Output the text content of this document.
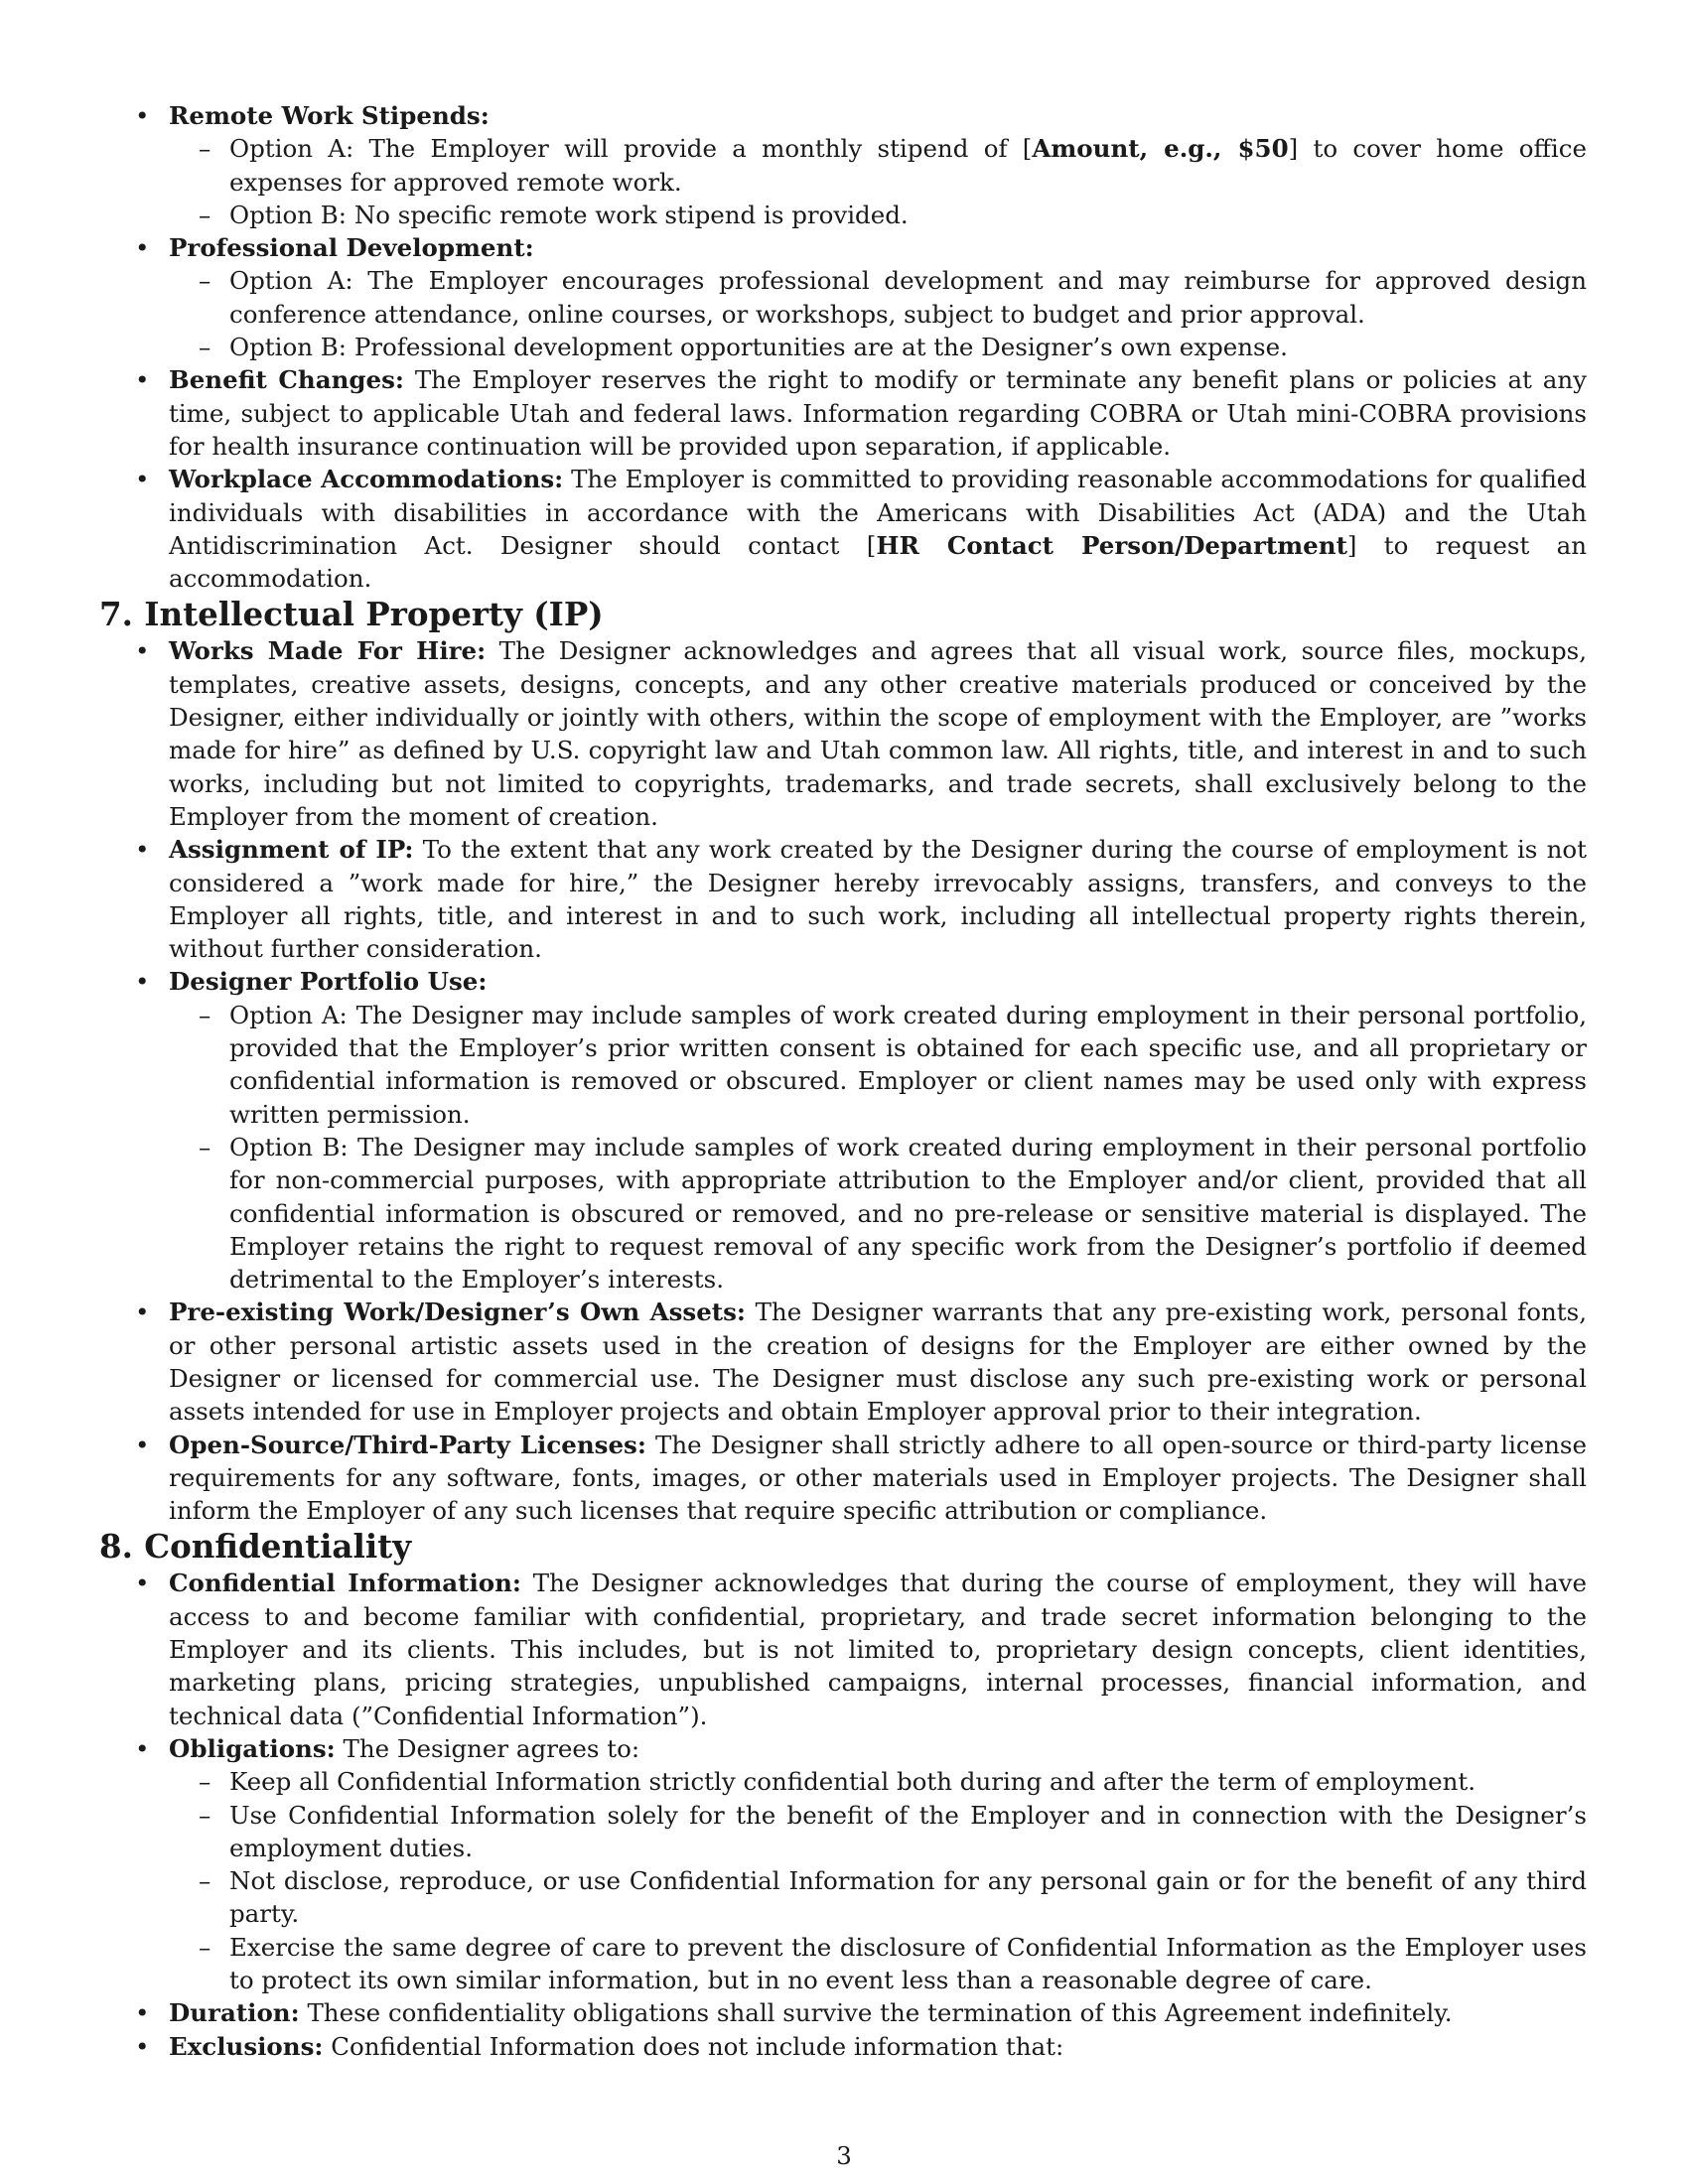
• Remote Work Stipends:
– Option A: The Employer will provide a monthly stipend of [Amount, e.g., $50] to cover home office expenses for approved remote work.
– Option B: No specific remote work stipend is provided.
• Professional Development:
– Option A: The Employer encourages professional development and may reimburse for approved design conference attendance, online courses, or workshops, subject to budget and prior approval.
– Option B: Professional development opportunities are at the Designer’s own expense.
• Benefit Changes: The Employer reserves the right to modify or terminate any benefit plans or policies at any time, subject to applicable Utah and federal laws. Information regarding COBRA or Utah mini-COBRA provisions for health insurance continuation will be provided upon separation, if applicable.
• Workplace Accommodations: The Employer is committed to providing reasonable accommodations for qualified individuals with disabilities in accordance with the Americans with Disabilities Act (ADA) and the Utah Antidiscrimination Act. Designer should contact [HR Contact Person/Department] to request an accommodation.
7. Intellectual Property (IP)
• Works Made For Hire: The Designer acknowledges and agrees that all visual work, source files, mockups, templates, creative assets, designs, concepts, and any other creative materials produced or conceived by the Designer, either individually or jointly with others, within the scope of employment with the Employer, are ”works made for hire” as defined by U.S. copyright law and Utah common law. All rights, title, and interest in and to such works, including but not limited to copyrights, trademarks, and trade secrets, shall exclusively belong to the Employer from the moment of creation.
• Assignment of IP: To the extent that any work created by the Designer during the course of employment is not considered a ”work made for hire,” the Designer hereby irrevocably assigns, transfers, and conveys to the Employer all rights, title, and interest in and to such work, including all intellectual property rights therein, without further consideration.
• Designer Portfolio Use:
– Option A: The Designer may include samples of work created during employment in their personal portfolio, provided that the Employer’s prior written consent is obtained for each specific use, and all proprietary or confidential information is removed or obscured. Employer or client names may be used only with express written permission.
– Option B: The Designer may include samples of work created during employment in their personal portfolio for non-commercial purposes, with appropriate attribution to the Employer and/or client, provided that all confidential information is obscured or removed, and no pre-release or sensitive material is displayed. The Employer retains the right to request removal of any specific work from the Designer’s portfolio if deemed detrimental to the Employer’s interests.
• Pre-existing Work/Designer’s Own Assets: The Designer warrants that any pre-existing work, personal fonts, or other personal artistic assets used in the creation of designs for the Employer are either owned by the Designer or licensed for commercial use. The Designer must disclose any such pre-existing work or personal assets intended for use in Employer projects and obtain Employer approval prior to their integration.
• Open-Source/Third-Party Licenses: The Designer shall strictly adhere to all open-source or third-party license requirements for any software, fonts, images, or other materials used in Employer projects. The Designer shall inform the Employer of any such licenses that require specific attribution or compliance.
8. Confidentiality
• Confidential Information: The Designer acknowledges that during the course of employment, they will have access to and become familiar with confidential, proprietary, and trade secret information belonging to the Employer and its clients. This includes, but is not limited to, proprietary design concepts, client identities, marketing plans, pricing strategies, unpublished campaigns, internal processes, financial information, and technical data (”Confidential Information”).
• Obligations: The Designer agrees to:
– Keep all Confidential Information strictly confidential both during and after the term of employment.
– Use Confidential Information solely for the benefit of the Employer and in connection with the Designer’s employment duties.
– Not disclose, reproduce, or use Confidential Information for any personal gain or for the benefit of any third party.
– Exercise the same degree of care to prevent the disclosure of Confidential Information as the Employer uses to protect its own similar information, but in no event less than a reasonable degree of care.
• Duration: These confidentiality obligations shall survive the termination of this Agreement indefinitely.
• Exclusions: Confidential Information does not include information that:
3
